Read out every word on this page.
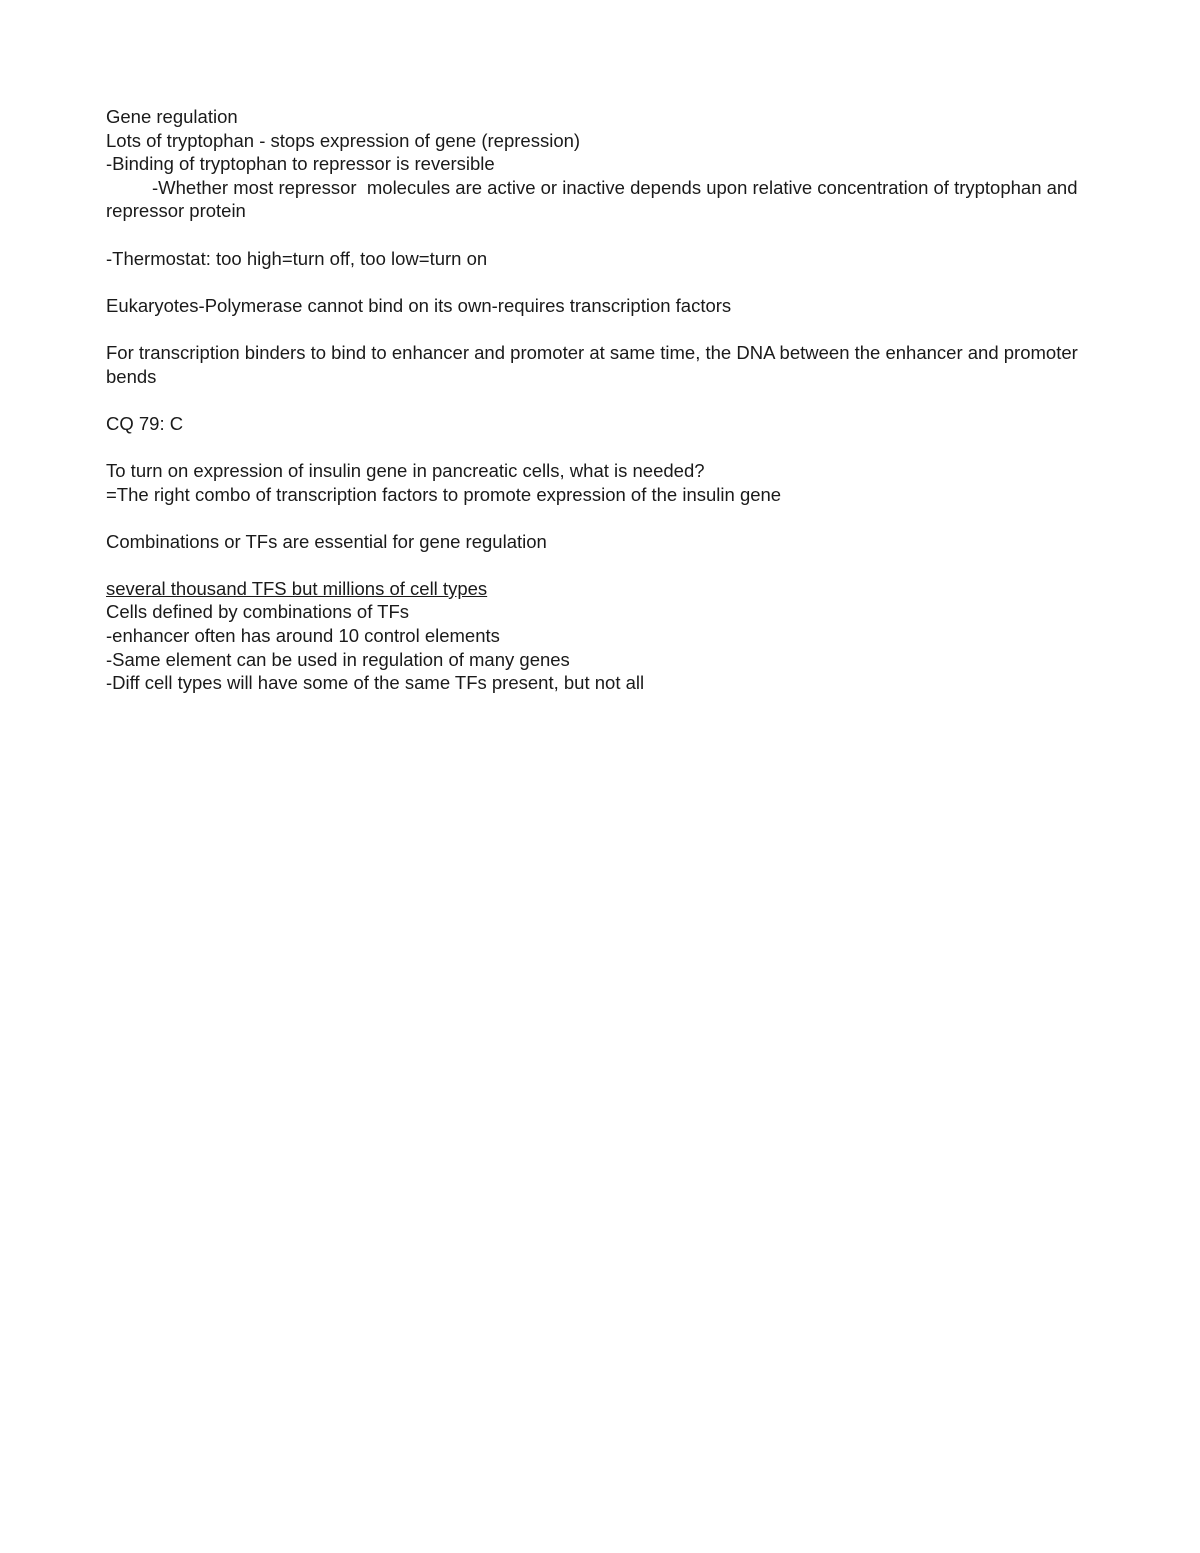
Gene regulation
Lots of tryptophan - stops expression of gene (repression)
-Binding of tryptophan to repressor is reversible
-Whether most repressor  molecules are active or inactive depends upon relative concentration of tryptophan and repressor protein
-Thermostat: too high=turn off, too low=turn on
Eukaryotes-Polymerase cannot bind on its own-requires transcription factors
For transcription binders to bind to enhancer and promoter at same time, the DNA between the enhancer and promoter bends
CQ 79: C
To turn on expression of insulin gene in pancreatic cells, what is needed?
=The right combo of transcription factors to promote expression of the insulin gene
Combinations or TFs are essential for gene regulation
several thousand TFS but millions of cell types
Cells defined by combinations of TFs
-enhancer often has around 10 control elements
-Same element can be used in regulation of many genes
-Diff cell types will have some of the same TFs present, but not all
